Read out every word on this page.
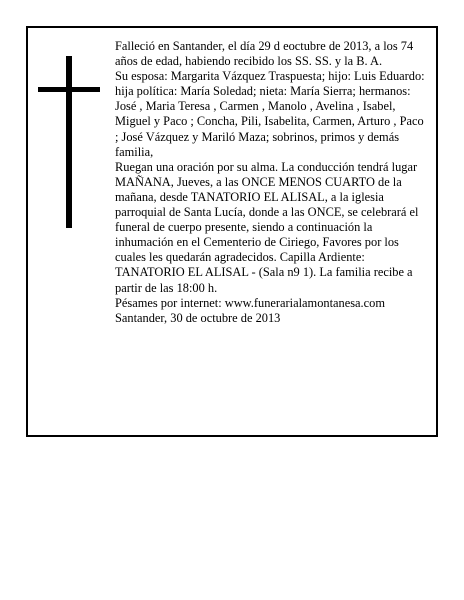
Falleció en Santander, el día 29 d eoctubre de 2013, a los 74 años de edad, habiendo recibido los SS. SS. y la B. A.

Su esposa: Margarita Vázquez Traspuesta; hijo: Luis Eduardo: hija política: María Soledad; nieta: María Sierra; hermanos: José , Maria Teresa , Carmen , Manolo , Avelina , Isabel, Miguel y Paco ; Concha, Pili, Isabelita, Carmen, Arturo , Paco ; José Vázquez y Mariló Maza; sobrinos, primos y demás familia,

Ruegan una oración por su alma. La conducción tendrá lugar MAÑANA, Jueves, a las ONCE MENOS CUARTO de la mañana, desde TANATORIO EL ALISAL, a la iglesia parroquial de Santa Lucía, donde a las ONCE, se celebrará el funeral de cuerpo presente, siendo a continuación la inhumación en el Cementerio de Ciriego, Favores por los cuales les quedarán agradecidos. Capilla Ardiente: TANATORIO EL ALISAL - (Sala n9 1). La familia recibe a partir de las 18:00 h.

Pésames por internet: www.funerarialamontanesa.com

Santander, 30 de octubre de 2013
